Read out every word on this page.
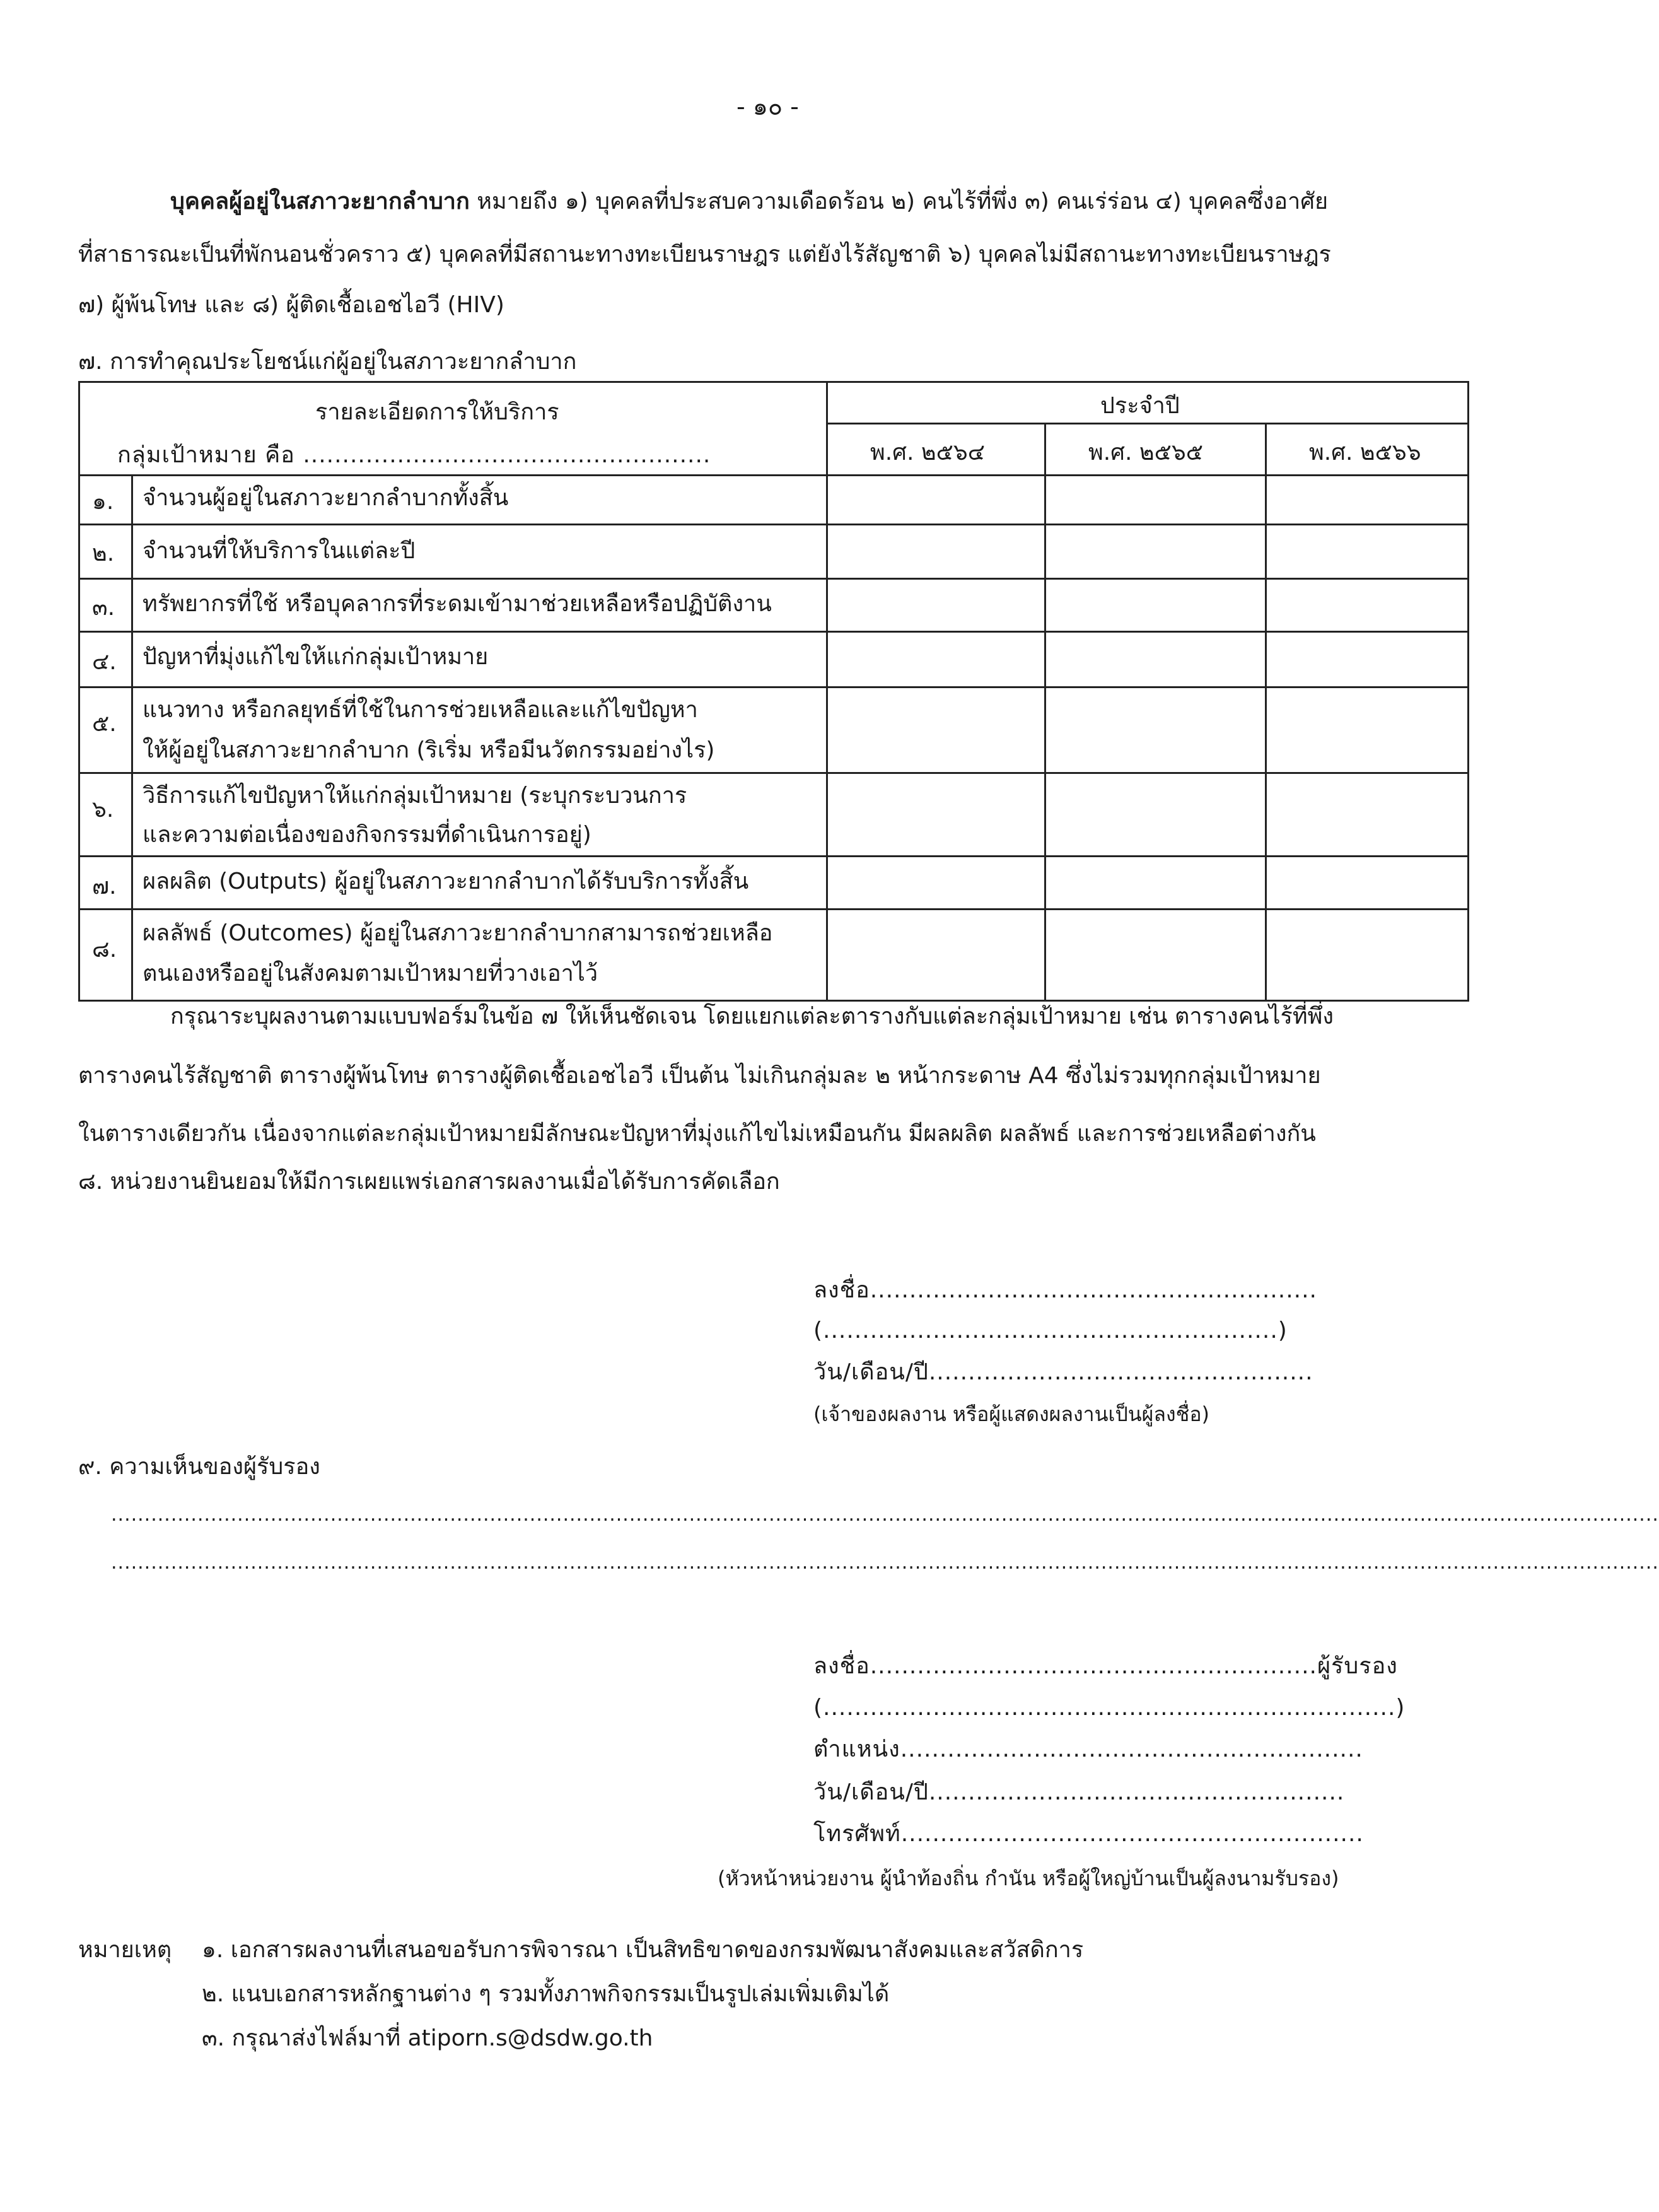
- ๑๐ -
บุคคลผู้อยู่ในสภาวะยากลำบาก หมายถึง ๑) บุคคลที่ประสบความเดือดร้อน ๒) คนไร้ที่พึ่ง ๓) คนเร่ร่อน ๔) บุคคลซึ่งอาศัย
ที่สาธารณะเป็นที่พักนอนชั่วคราว ๕) บุคคลที่มีสถานะทางทะเบียนราษฎร แต่ยังไร้สัญชาติ ๖) บุคคลไม่มีสถานะทางทะเบียนราษฎร
๗) ผู้พ้นโทษ และ ๘) ผู้ติดเชื้อเอชไอวี (HIV)
๗. การทำคุณประโยชน์แก่ผู้อยู่ในสภาวะยากลำบาก
รายละเอียดการให้บริการ
กลุ่มเป้าหมาย คือ ....................................................
ประจำปี
พ.ศ. ๒๕๖๔	พ.ศ. ๒๕๖๕	พ.ศ. ๒๕๖๖
๑. จำนวนผู้อยู่ในสภาวะยากลำบากทั้งสิ้น
๒. จำนวนที่ให้บริการในแต่ละปี
๓. ทรัพยากรที่ใช้ หรือบุคลากรที่ระดมเข้ามาช่วยเหลือหรือปฏิบัติงาน
๔. ปัญหาที่มุ่งแก้ไขให้แก่กลุ่มเป้าหมาย
๕.
แนวทาง หรือกลยุทธ์ที่ใช้ในการช่วยเหลือและแก้ไขปัญหา
ให้ผู้อยู่ในสภาวะยากลำบาก (ริเริ่ม หรือมีนวัตกรรมอย่างไร)
๖.
วิธีการแก้ไขปัญหาให้แก่กลุ่มเป้าหมาย (ระบุกระบวนการ
และความต่อเนื่องของกิจกรรมที่ดำเนินการอยู่)
๗. ผลผลิต (Outputs) ผู้อยู่ในสภาวะยากลำบากได้รับบริการทั้งสิ้น
๘.
ผลลัพธ์ (Outcomes) ผู้อยู่ในสภาวะยากลำบากสามารถช่วยเหลือ
ตนเองหรืออยู่ในสังคมตามเป้าหมายที่วางเอาไว้
กรุณาระบุผลงานตามแบบฟอร์มในข้อ ๗ ให้เห็นชัดเจน โดยแยกแต่ละตารางกับแต่ละกลุ่มเป้าหมาย เช่น ตารางคนไร้ที่พึ่ง
ตารางคนไร้สัญชาติ ตารางผู้พ้นโทษ ตารางผู้ติดเชื้อเอชไอวี เป็นต้น ไม่เกินกลุ่มละ ๒ หน้ากระดาษ A4 ซึ่งไม่รวมทุกกลุ่มเป้าหมาย
ในตารางเดียวกัน เนื่องจากแต่ละกลุ่มเป้าหมายมีลักษณะปัญหาที่มุ่งแก้ไขไม่เหมือนกัน มีผลผลิต ผลลัพธ์ และการช่วยเหลือต่างกัน
๘. หน่วยงานยินยอมให้มีการเผยแพร่เอกสารผลงานเมื่อได้รับการคัดเลือก
ลงชื่อ.........................................................
(..........................................................)
วัน/เดือน/ปี.................................................
(เจ้าของผลงาน หรือผู้แสดงผลงานเป็นผู้ลงชื่อ)
๙. ความเห็นของผู้รับรอง
.........................................................................................................................................................................................................................................
.........................................................................................................................................................................................................................................
ลงชื่อ.........................................................ผู้รับรอง
(.........................................................................)
ตำแหน่ง...........................................................
วัน/เดือน/ปี.....................................................
โทรศัพท์...........................................................
(หัวหน้าหน่วยงาน ผู้นำท้องถิ่น กำนัน หรือผู้ใหญ่บ้านเป็นผู้ลงนามรับรอง)
หมายเหตุ ๑. เอกสารผลงานที่เสนอขอรับการพิจารณา เป็นสิทธิขาดของกรมพัฒนาสังคมและสวัสดิการ
๒. แนบเอกสารหลักฐานต่าง ๆ รวมทั้งภาพกิจกรรมเป็นรูปเล่มเพิ่มเติมได้
๓. กรุณาส่งไฟล์มาที่ atiporn.s@dsdw.go.th
